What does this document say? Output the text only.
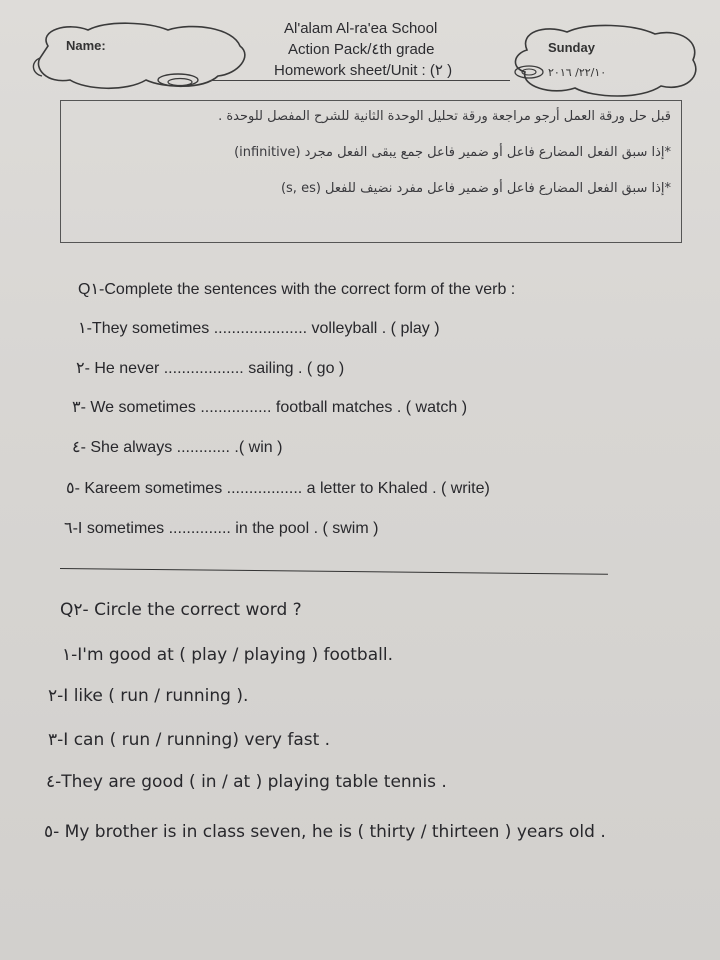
Name:	Sunday
٢٢/١٠/ ٢٠١٦
Al'alam Al-ra'ea School
Action Pack/٤th grade
Homework sheet/Unit : (٢ )
قبل حل ورقة العمل أرجو مراجعة ورقة تحليل الوحدة الثانية للشرح المفصل للوحدة .
*إذا سبق الفعل المضارع فاعل أو ضمير فاعل جمع يبقى الفعل مجرد (infinitive)
*إذا سبق الفعل المضارع فاعل أو ضمير فاعل مفرد نضيف للفعل (s, es)
Q١-Complete the sentences with the correct form of the verb :
١-They sometimes ..................... volleyball . ( play )
٢- He never .................. sailing . ( go )
٣- We sometimes ................ football matches . ( watch )
٤- She always ............ .( win )
٥- Kareem sometimes ................. a letter to Khaled . ( write)
٦-I sometimes .............. in the pool . ( swim )
Q٢- Circle the correct word ?
١-I'm good at ( play / playing ) football.
٢-I like ( run / running ).
٣-I can ( run / running) very fast .
٤-They are good ( in / at ) playing table tennis .
٥- My brother is in class seven, he is ( thirty / thirteen ) years old .
